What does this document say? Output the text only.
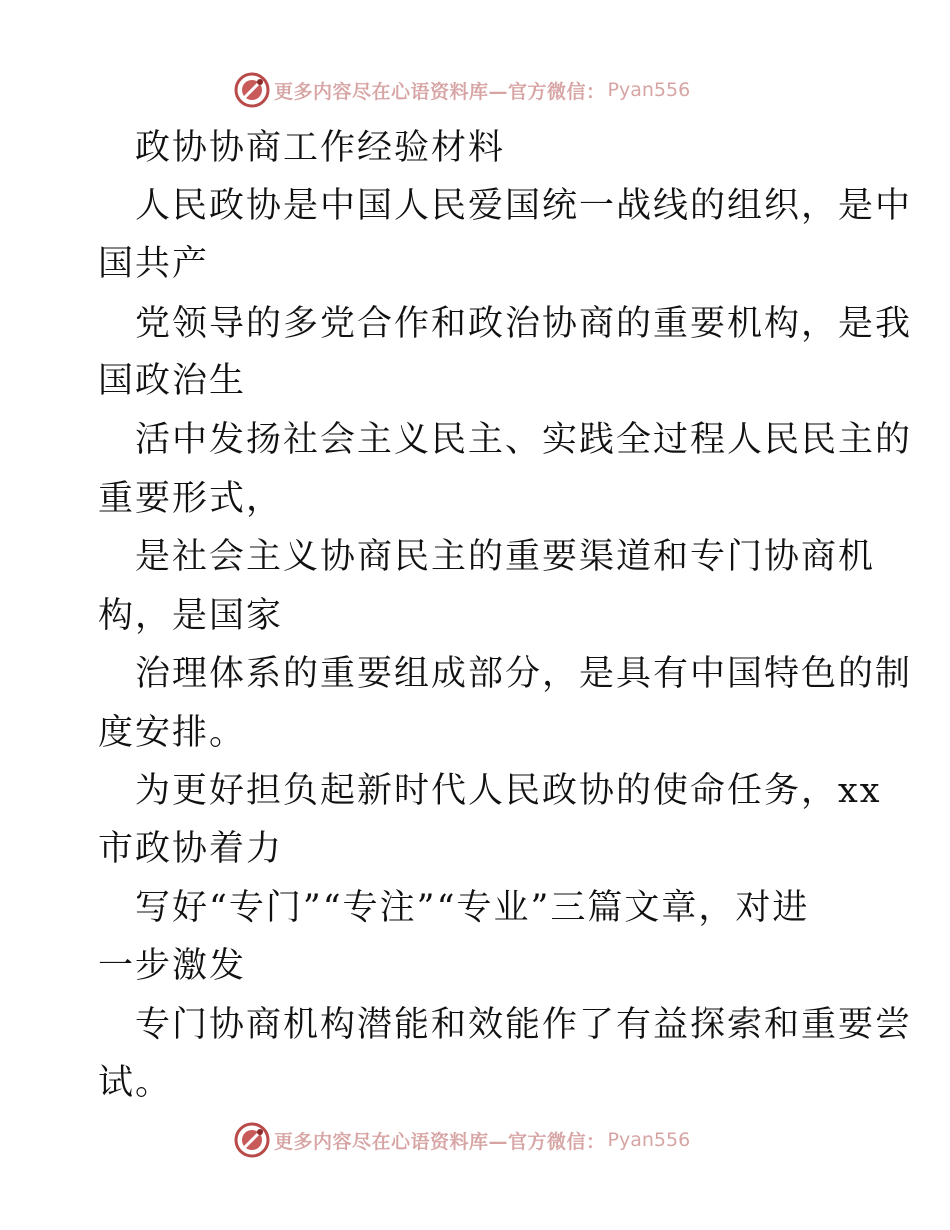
更多内容尽在心语资料库—官方微信： Pyan556
政协协商工作经验材料
人民政协是中国人民爱国统一战线的组织，是中
国共产
党领导的多党合作和政治协商的重要机构，是我
国政治生
活中发扬社会主义民主、实践全过程人民民主的
重要形式，
是社会主义协商民主的重要渠道和专门协商机
构，是国家
治理体系的重要组成部分，是具有中国特色的制
度安排。
为更好担负起新时代人民政协的使命任务，xx
市政协着力
写好“专门”“专注”“专业”三篇文章，对进
一步激发
专门协商机构潜能和效能作了有益探索和重要尝
试。
更多内容尽在心语资料库—官方微信： Pyan556
